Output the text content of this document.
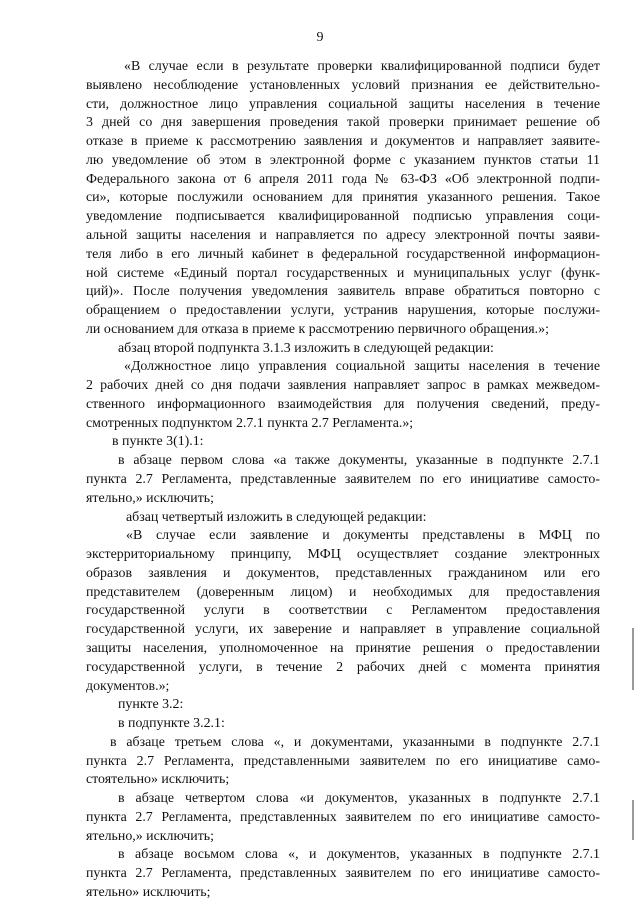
9
«В случае если в результате проверки квалифицированной подписи будет
выявлено несоблюдение установленных условий признания ее действительно-
сти, должностное лицо управления социальной защиты населения в течение
3 дней со дня завершения проведения такой проверки принимает решение об
отказе в приеме к рассмотрению заявления и документов и направляет заявите-
лю уведомление об этом в электронной форме с указанием пунктов статьи 11
Федерального закона от 6 апреля 2011 года № 63-ФЗ «Об электронной подпи-
си», которые послужили основанием для принятия указанного решения. Такое
уведомление подписывается квалифицированной подписью управления соци-
альной защиты населения и направляется по адресу электронной почты заяви-
теля либо в его личный кабинет в федеральной государственной информацион-
ной системе «Единый портал государственных и муниципальных услуг (функ-
ций)». После получения уведомления заявитель вправе обратиться повторно с
обращением о предоставлении услуги, устранив нарушения, которые послужи-
ли основанием для отказа в приеме к рассмотрению первичного обращения.»;
абзац второй подпункта 3.1.3 изложить в следующей редакции:
«Должностное лицо управления социальной защиты населения в течение
2 рабочих дней со дня подачи заявления направляет запрос в рамках межведом-
ственного информационного взаимодействия для получения сведений, преду-
смотренных подпунктом 2.7.1 пункта 2.7 Регламента.»;
в пункте 3(1).1:
в абзаце первом слова «а также документы, указанные в подпункте 2.7.1
пункта 2.7 Регламента, представленные заявителем по его инициативе самосто-
ятельно,» исключить;
абзац четвертый изложить в следующей редакции:
«В случае если заявление и документы представлены в МФЦ по
экстерриториальному принципу, МФЦ осуществляет создание электронных
образов заявления и документов, представленных гражданином или его
представителем (доверенным лицом) и необходимых для предоставления
государственной услуги в соответствии с Регламентом предоставления
государственной услуги, их заверение и направляет в управление социальной
защиты населения, уполномоченное на принятие решения о предоставлении
государственной услуги, в течение 2 рабочих дней с момента принятия
документов.»;
пункте 3.2:
в подпункте 3.2.1:
в абзаце третьем слова «, и документами, указанными в подпункте 2.7.1
пункта 2.7 Регламента, представленными заявителем по его инициативе само-
стоятельно» исключить;
в абзаце четвертом слова «и документов, указанных в подпункте 2.7.1
пункта 2.7 Регламента, представленных заявителем по его инициативе самосто-
ятельно,» исключить;
в абзаце восьмом слова «, и документов, указанных в подпункте 2.7.1
пункта 2.7 Регламента, представленных заявителем по его инициативе самосто-
ятельно» исключить;
